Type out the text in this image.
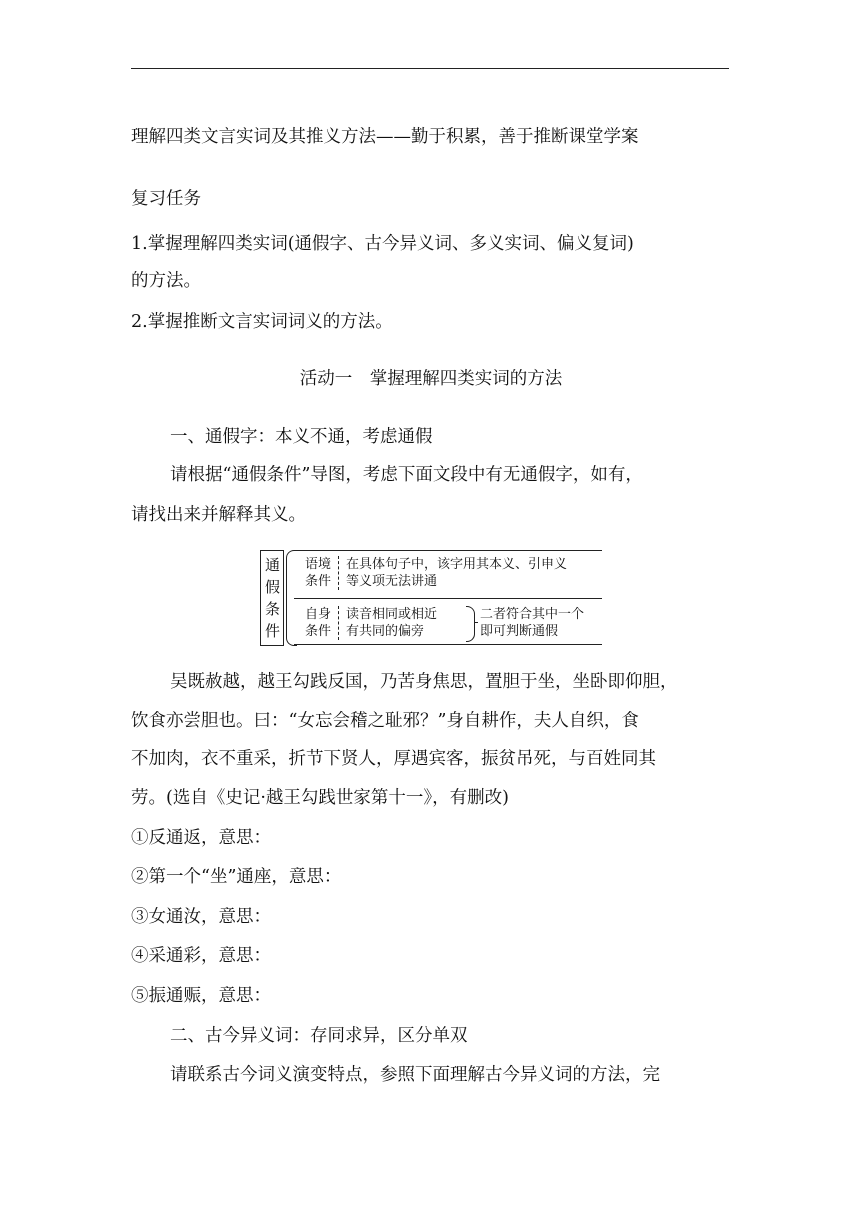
理解四类文言实词及其推义方法——勤于积累，善于推断课堂学案
复习任务
1.掌握理解四类实词(通假字、古今异义词、多义实词、偏义复词)
的方法。
2.掌握推断文言实词词义的方法。
活动一　掌握理解四类实词的方法
一、通假字：本义不通，考虑通假
请根据“通假条件”导图，考虑下面文段中有无通假字，如有，
请找出来并解释其义。
通
假
条
件
语境
条件
在具体句子中，该字用其本义、引申义
等义项无法讲通
自身
条件
读音相同或相近
有共同的偏旁
二者符合其中一个
即可判断通假
吴既赦越，越王勾践反国，乃苦身焦思，置胆于坐，坐卧即仰胆，
饮食亦尝胆也。曰：“女忘会稽之耻邪？”身自耕作，夫人自织，食
不加肉，衣不重采，折节下贤人，厚遇宾客，振贫吊死，与百姓同其
劳。(选自《史记·越王勾践世家第十一》，有删改)
①反通返，意思：
②第一个“坐”通座，意思：
③女通汝，意思：
④采通彩，意思：
⑤振通赈，意思：
二、古今异义词：存同求异，区分单双
请联系古今词义演变特点，参照下面理解古今异义词的方法，完
